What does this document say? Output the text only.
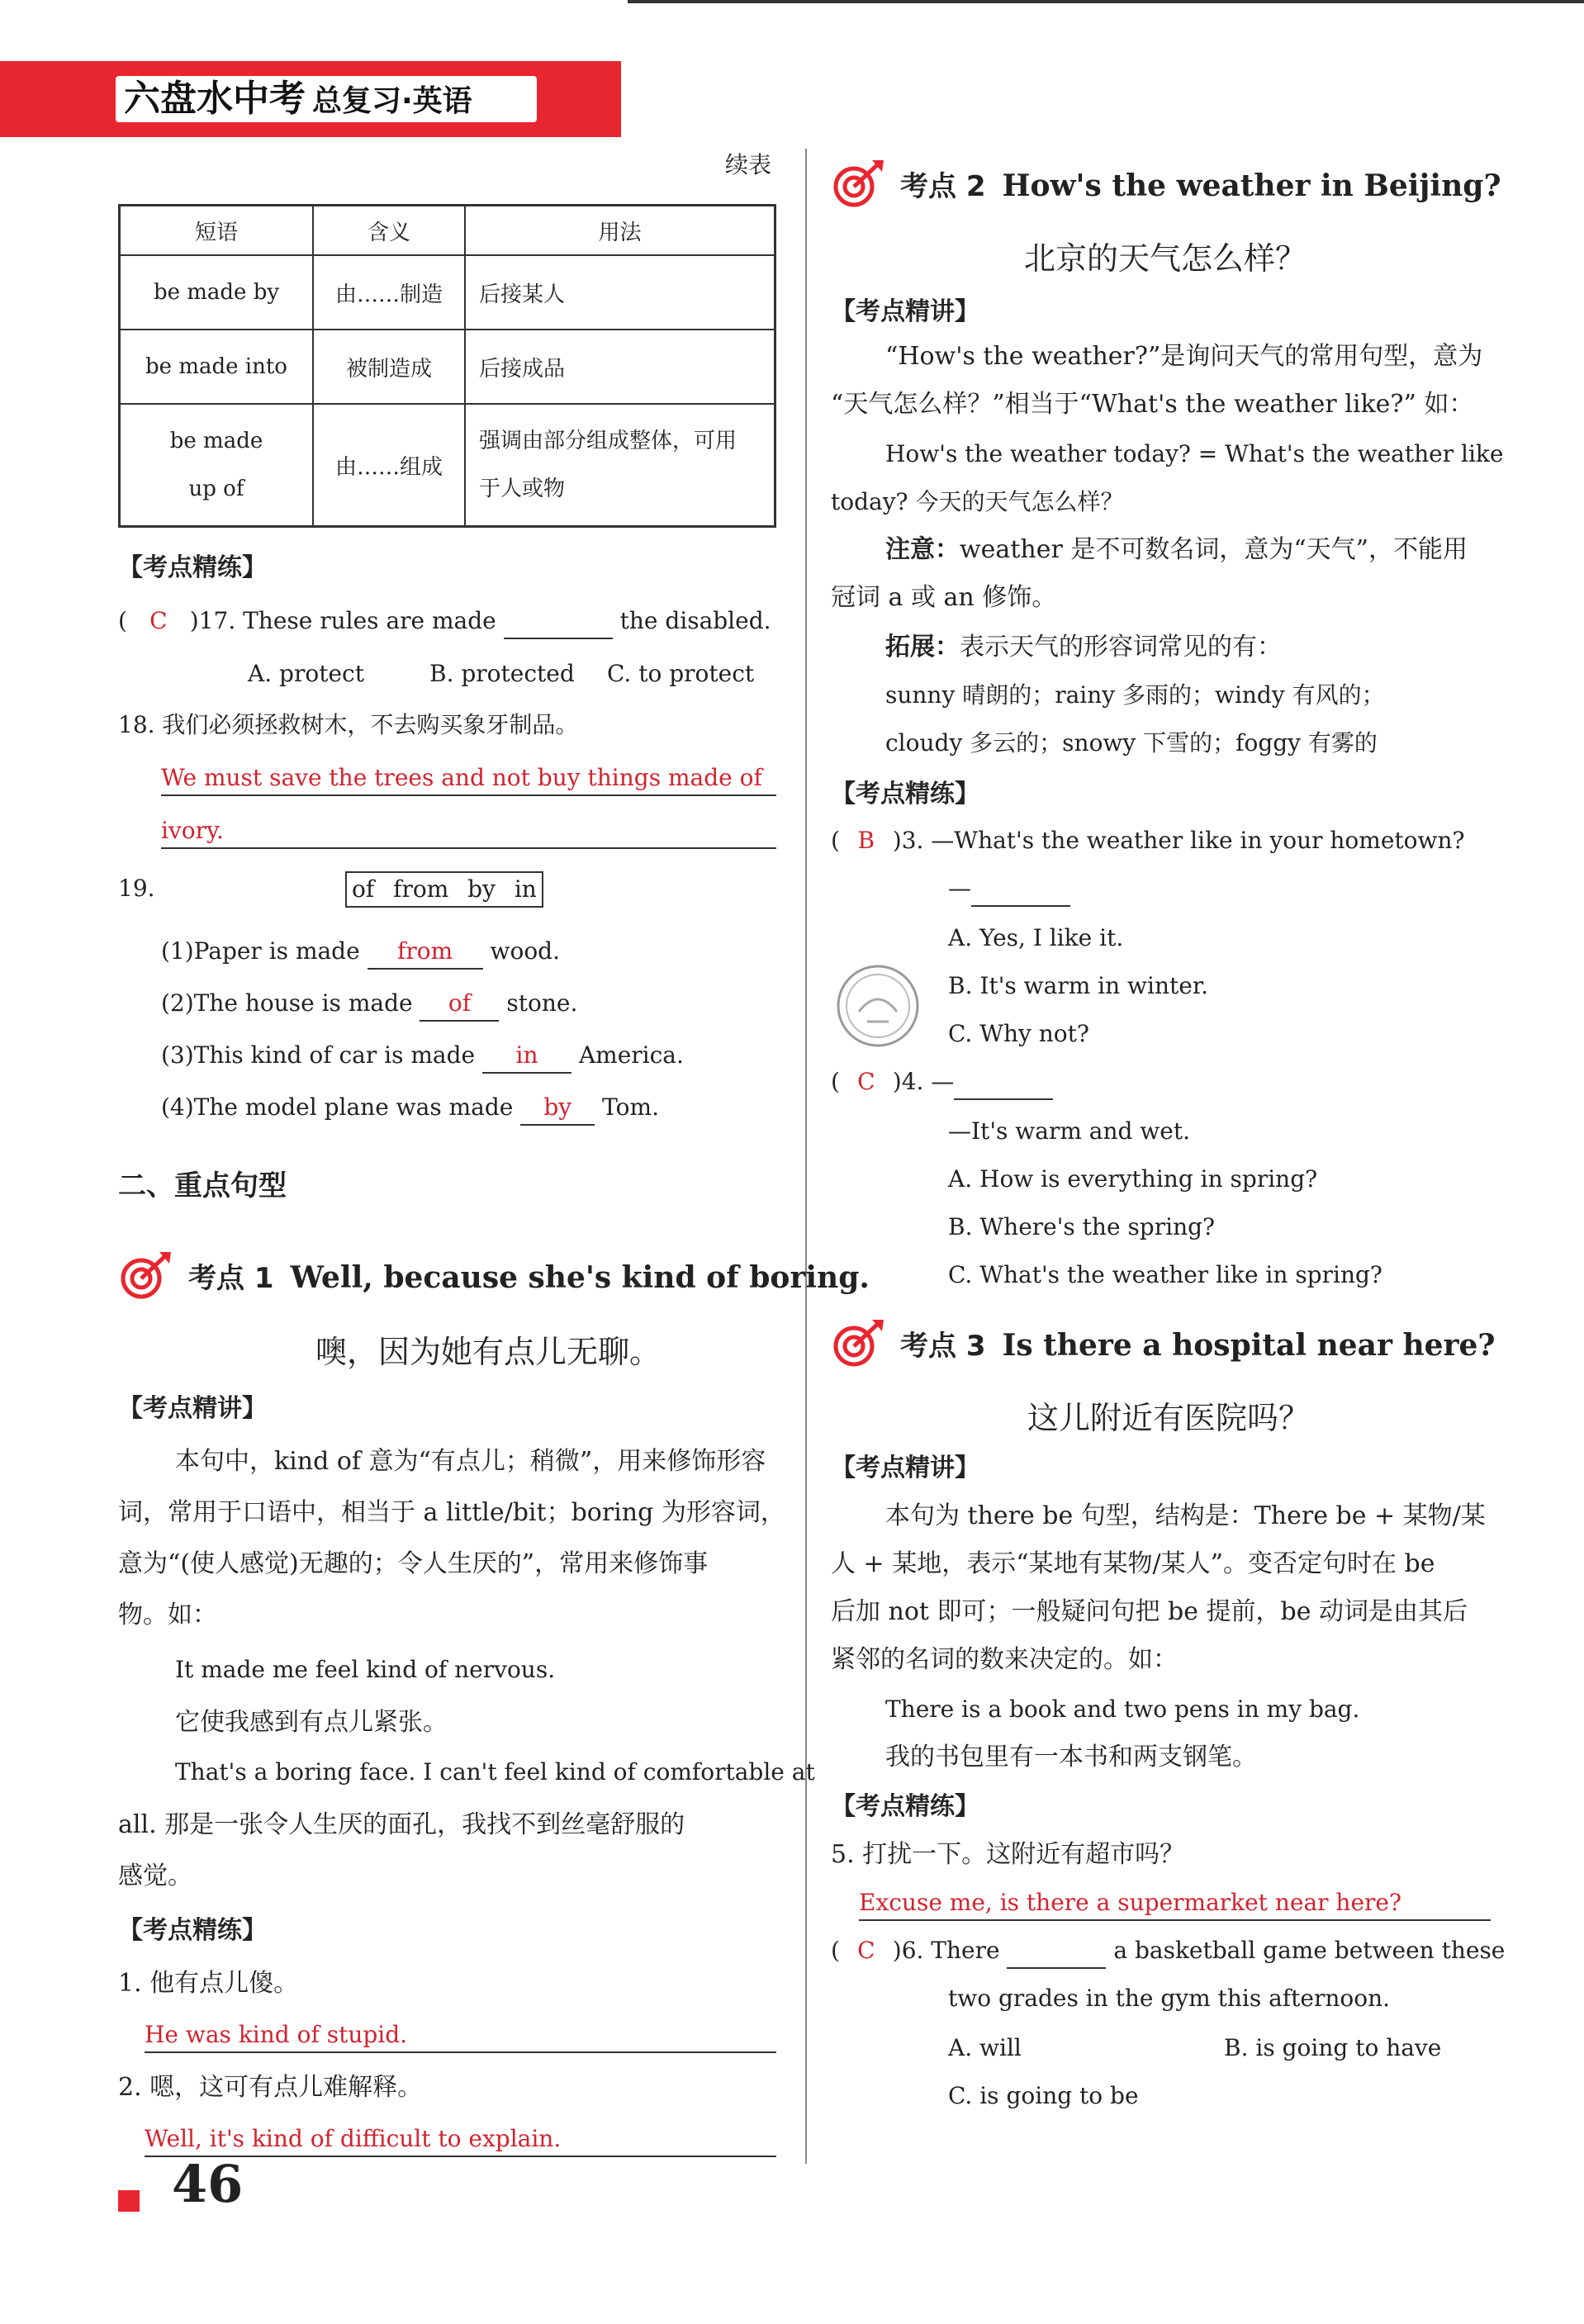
六盘水中考 总复习·英语
续表
短语	含义	用法
be made by	由……制造	后接某人
be made into	被制造成	后接成品
be made
up of	由……组成	强调由部分组成整体，可用
于人或物
【考点精练】
( C )17. These rules are made	the disabled.
A. protect	B. protected C. to protect
18. 我们必须拯救树木，不去购买象牙制品。
We must save the trees and not buy things made of
ivory.
19.	of from by in
(1)Paper is made from wood.
(2)The house is made of stone.
(3)This kind of car is made in America.
(4)The model plane was made by Tom.
二、重点句型
考点 1 Well, because she's kind of boring.
噢，因为她有点儿无聊。
【考点精讲】
本句中，kind of 意为“有点儿；稍微”，用来修饰形容
词，常用于口语中，相当于 a little/bit；boring 为形容词，
意为“(使人感觉)无趣的；令人生厌的”，常用来修饰事
物。如：
It made me feel kind of nervous.
它使我感到有点儿紧张。
That's a boring face. I can't feel kind of comfortable at
all. 那是一张令人生厌的面孔，我找不到丝毫舒服的
感觉。
【考点精练】
1. 他有点儿傻。
He was kind of stupid.
2. 嗯，这可有点儿难解释。
Well, it's kind of difficult to explain.
46
考点 2 How's the weather in Beijing?
北京的天气怎么样？
【考点精讲】
“How's the weather?”是询问天气的常用句型，意为
“天气怎么样？”相当于“What's the weather like?” 如：
How's the weather today? = What's the weather like
today? 今天的天气怎么样？
注意：weather 是不可数名词，意为“天气”，不能用
冠词 a 或 an 修饰。
拓展：表示天气的形容词常见的有：
sunny 晴朗的；rainy 多雨的；windy 有风的；
cloudy 多云的；snowy 下雪的；foggy 有雾的
【考点精练】
( B )3. —What's the weather like in your hometown?
—
A. Yes, I like it.
B. It's warm in winter.
C. Why not?
( C )4. —
—It's warm and wet.
A. How is everything in spring?
B. Where's the spring?
C. What's the weather like in spring?
考点 3 Is there a hospital near here?
这儿附近有医院吗？
【考点精讲】
本句为 there be 句型，结构是：There be + 某物/某
人 + 某地，表示“某地有某物/某人”。变否定句时在 be
后加 not 即可；一般疑问句把 be 提前，be 动词是由其后
紧邻的名词的数来决定的。如：
There is a book and two pens in my bag.
我的书包里有一本书和两支钢笔。
【考点精练】
5. 打扰一下。这附近有超市吗？
Excuse me, is there a supermarket near here?
( C )6. There	a basketball game between these
two grades in the gym this afternoon.
A. will	B. is going to have
C. is going to be
